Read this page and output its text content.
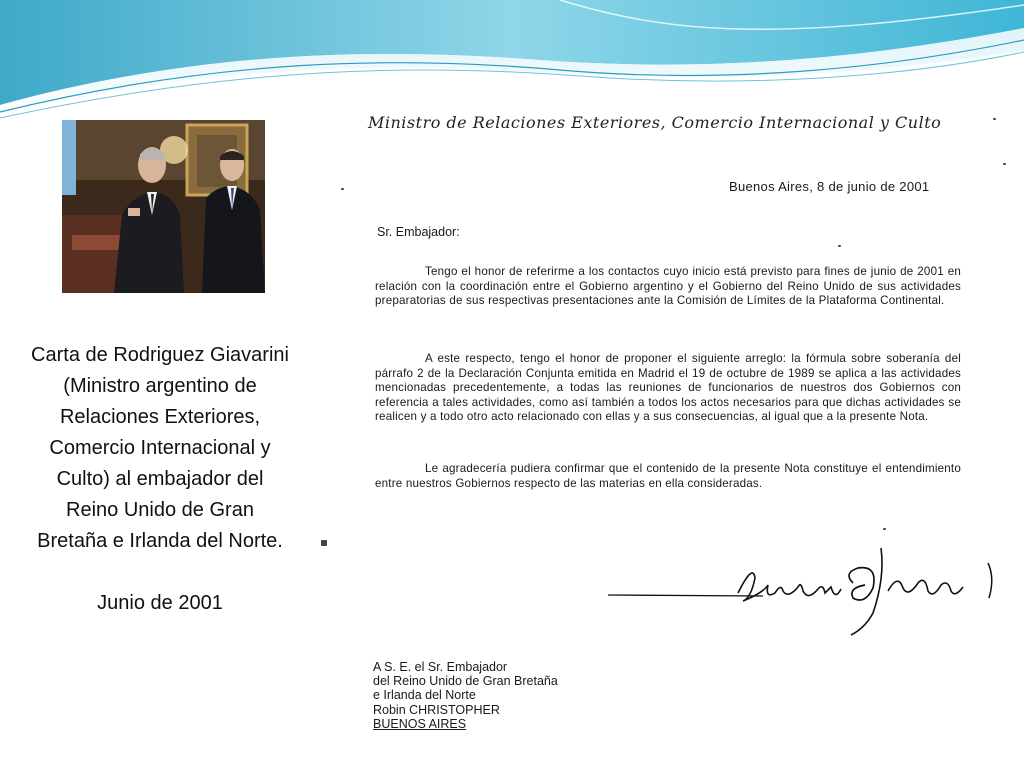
Carta de Rodriguez Giavarini (Ministro argentino de Relaciones Exteriores, Comercio Internacional y Culto) al embajador del Reino Unido de Gran Bretaña e Irlanda del Norte.
Junio de 2001
Ministro de Relaciones Exteriores, Comercio Internacional y Culto
Buenos Aires, 8 de junio de 2001
Sr. Embajador:
Tengo el honor de referirme a los contactos cuyo inicio está previsto para fines de junio de 2001 en relación con la coordinación entre el Gobierno argentino y el Gobierno del Reino Unido de sus actividades preparatorias de sus respectivas presentaciones ante la Comisión de Límites de la Plataforma Continental.
A este respecto, tengo el honor de proponer el siguiente arreglo: la fórmula sobre soberanía del párrafo 2 de la Declaración Conjunta emitida en Madrid el 19 de octubre de 1989 se aplica a las actividades mencionadas precedentemente, a todas las reuniones de funcionarios de nuestros dos Gobiernos con referencia a tales actividades, como así también a todos los actos necesarios para que dichas actividades se realicen y a todo otro acto relacionado con ellas y a sus consecuencias, al igual que a la presente Nota.
Le agradecería pudiera confirmar que el contenido de la presente Nota constituye el entendimiento entre nuestros Gobiernos respecto de las materias en ella consideradas.
A S. E. el Sr. Embajador
del Reino Unido de Gran Bretaña
e Irlanda del Norte
Robin CHRISTOPHER
BUENOS AIRES
